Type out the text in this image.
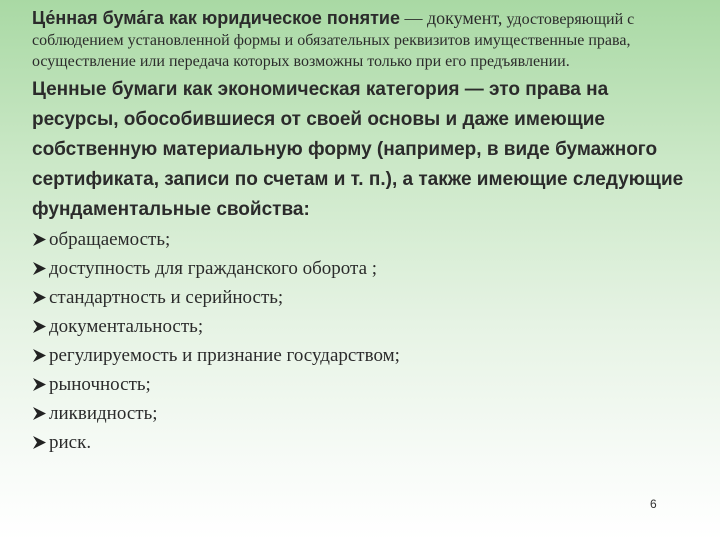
Це́нная бума́га как юридическое понятие — документ, удостоверяющий с соблюдением установленной формы и обязательных реквизитов имущественные права, осуществление или передача которых возможны только при его предъявлении.

Ценные бумаги как экономическая категория — это права на ресурсы, обособившиеся от своей основы и даже имеющие собственную материальную форму (например, в виде бумажного сертификата, записи по счетам и т. п.), а также имеющие следующие фундаментальные свойства:

обращаемость;
доступность для гражданского оборота ;
стандартность и серийность;
документальность;
регулируемость и признание государством;
рыночность;
ликвидность;
риск.
6
